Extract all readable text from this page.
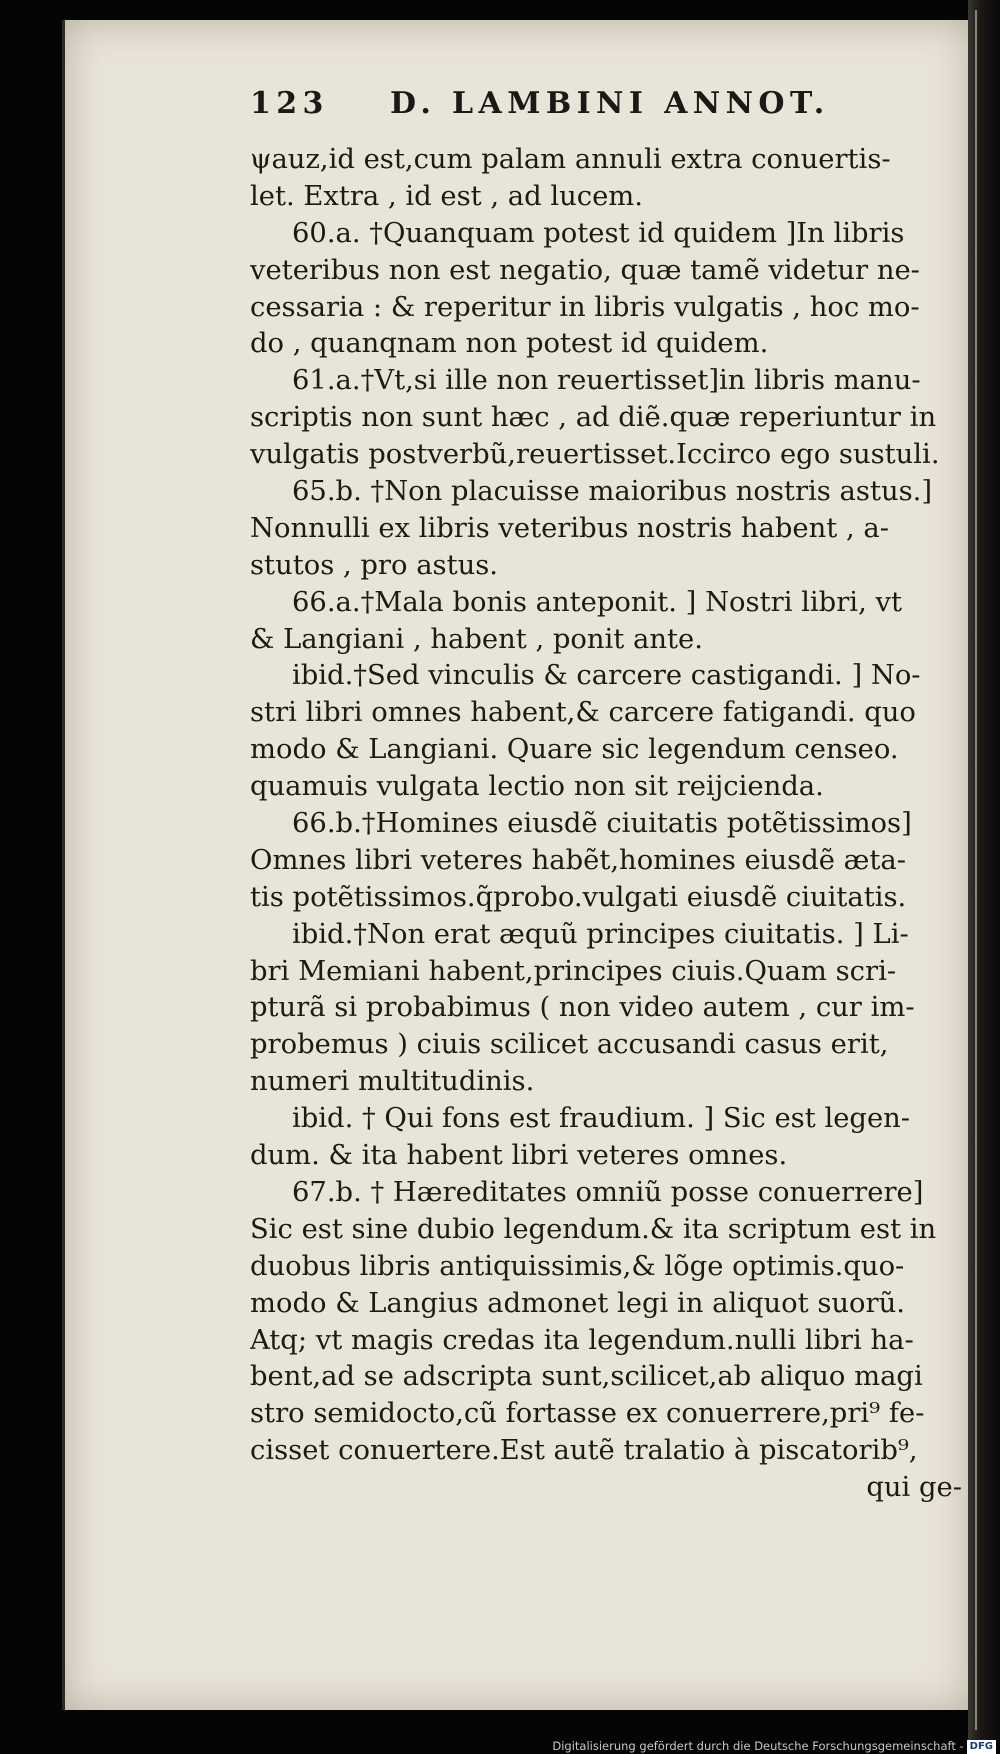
123 D. LAMBINI ANNOT.
ψauz,id est,cum palam annuli extra conuertis-
let. Extra , id est , ad lucem.
60.a. †Quanquam potest id quidem ]In libris
veteribus non est negatio, quæ tamẽ videtur ne-
cessaria : & reperitur in libris vulgatis , hoc mo-
do , quanqnam non potest id quidem.
61.a.†Vt,si ille non reuertisset]in libris manu-
scriptis non sunt hæc , ad diẽ.quæ reperiuntur in
vulgatis postverbũ,reuertisset.Iccirco ego sustuli.
65.b. †Non placuisse maioribus nostris astus.]
Nonnulli ex libris veteribus nostris habent , a-
stutos , pro astus.
66.a.†Mala bonis anteponit. ] Nostri libri, vt
& Langiani , habent , ponit ante.
ibid.†Sed vinculis & carcere castigandi. ] No-
stri libri omnes habent,& carcere fatigandi. quo
modo & Langiani. Quare sic legendum censeo.
quamuis vulgata lectio non sit reijcienda.
66.b.†Homines eiusdẽ ciuitatis potẽtissimos]
Omnes libri veteres habẽt,homines eiusdẽ æta-
tis potẽtissimos.q̃probo.vulgati eiusdẽ ciuitatis.
ibid.†Non erat æquũ principes ciuitatis. ] Li-
bri Memiani habent,principes ciuis.Quam scri-
pturã si probabimus ( non video autem , cur im-
probemus ) ciuis scilicet accusandi casus erit,
numeri multitudinis.
ibid. † Qui fons est fraudium. ] Sic est legen-
dum. & ita habent libri veteres omnes.
67.b. † Hæreditates omniũ posse conuerrere]
Sic est sine dubio legendum.& ita scriptum est in
duobus libris antiquissimis,& lõge optimis.quo-
modo & Langius admonet legi in aliquot suorũ.
Atq; vt magis credas ita legendum.nulli libri ha-
bent,ad se adscripta sunt,scilicet,ab aliquo magi
stro semidocto,cũ fortasse ex conuerrere,pri⁹ fe-
cisset conuertere.Est autẽ tralatio à piscatorib⁹,
qui ge-
Digitalisierung gefördert durch die Deutsche Forschungsgemeinschaft - DFG
